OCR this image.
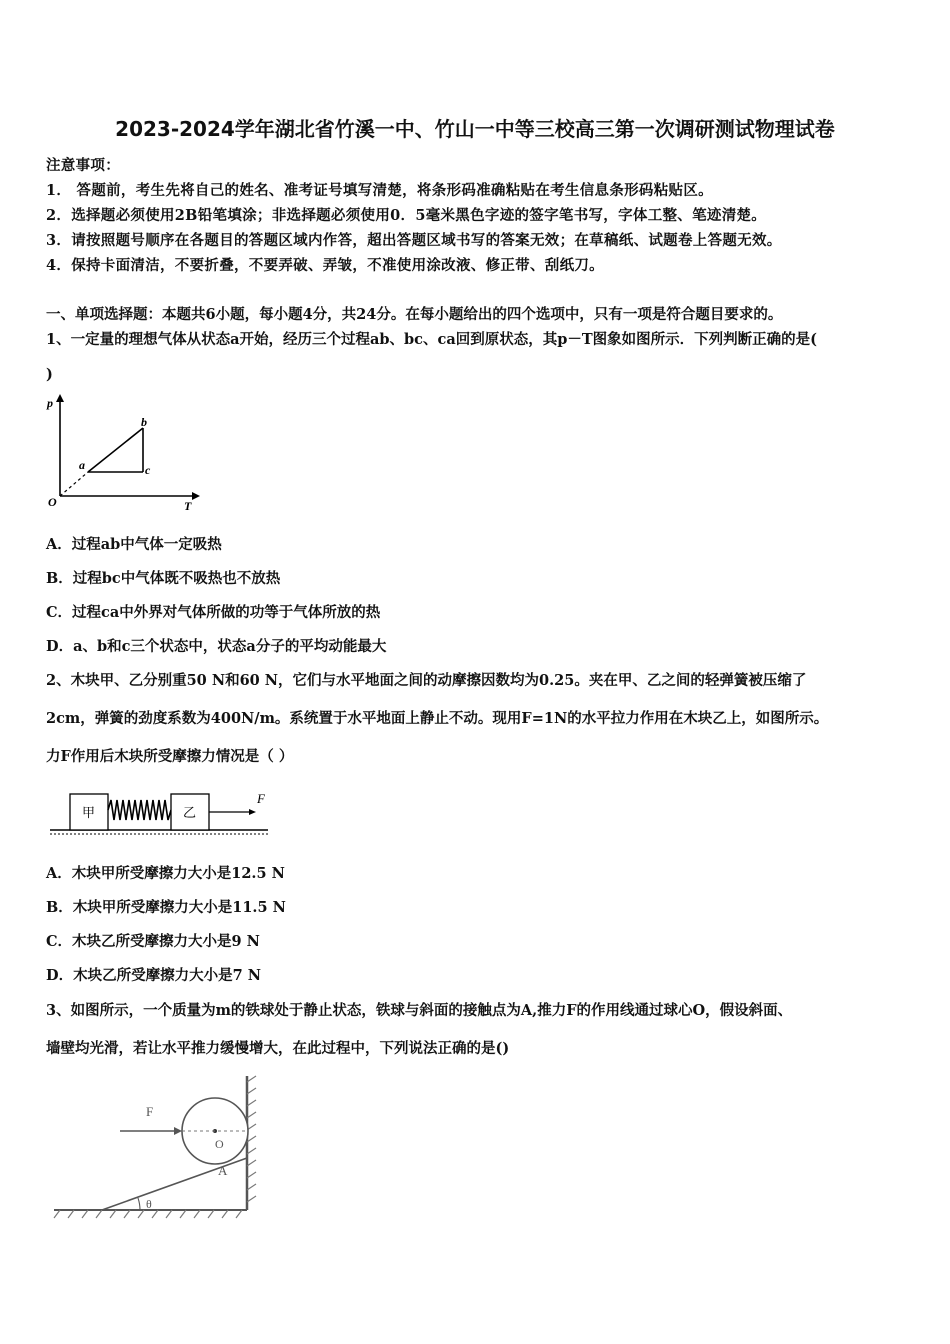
2023-2024学年湖北省竹溪一中、竹山一中等三校高三第一次调研测试物理试卷
注意事项：
1． 答题前，考生先将自己的姓名、准考证号填写清楚，将条形码准确粘贴在考生信息条形码粘贴区。
2．选择题必须使用2B铅笔填涂；非选择题必须使用0．5毫米黑色字迹的签字笔书写，字体工整、笔迹清楚。
3．请按照题号顺序在各题目的答题区域内作答，超出答题区域书写的答案无效；在草稿纸、试题卷上答题无效。
4．保持卡面清洁，不要折叠，不要弄破、弄皱，不准使用涂改液、修正带、刮纸刀。
一、单项选择题：本题共6小题，每小题4分，共24分。在每小题给出的四个选项中，只有一项是符合题目要求的。
1、一定量的理想气体从状态a开始，经历三个过程ab、bc、ca回到原状态，其p－T图象如图所示．下列判断正确的是(
)
p
O	T
a
b
c
A．过程ab中气体一定吸热
B．过程bc中气体既不吸热也不放热
C．过程ca中外界对气体所做的功等于气体所放的热
D．a、b和c三个状态中，状态a分子的平均动能最大
2、木块甲、乙分别重50 N和60 N，它们与水平地面之间的动摩擦因数均为0.25。夹在甲、乙之间的轻弹簧被压缩了
2cm，弹簧的劲度系数为400N/m。系统置于水平地面上静止不动。现用F=1N的水平拉力作用在木块乙上，如图所示。
力F作用后木块所受摩擦力情况是（ ）
甲	乙
F
A．木块甲所受摩擦力大小是12.5 N
B．木块甲所受摩擦力大小是11.5 N
C．木块乙所受摩擦力大小是9 N
D．木块乙所受摩擦力大小是7 N
3、如图所示，一个质量为m的铁球处于静止状态，铁球与斜面的接触点为A,推力F的作用线通过球心O，假设斜面、
墙壁均光滑，若让水平推力缓慢增大，在此过程中，下列说法正确的是()
θ
O
F
A
